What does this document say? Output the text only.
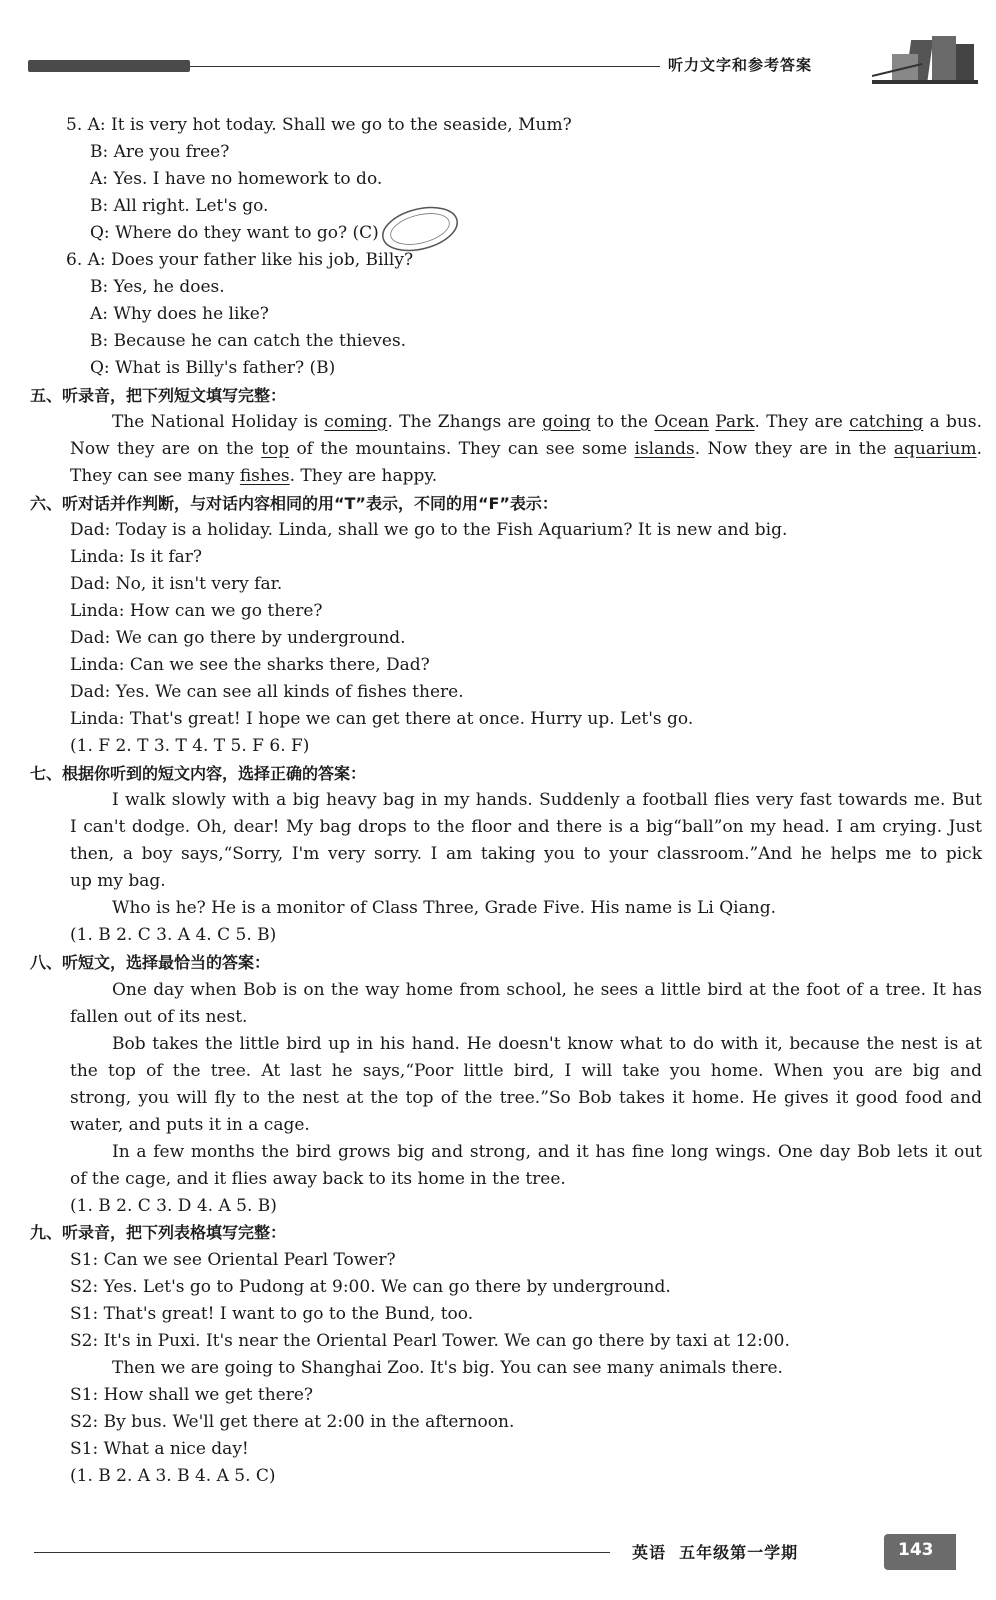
听力文字和参考答案
5. A: It is very hot today. Shall we go to the seaside, Mum?
B: Are you free?
A: Yes. I have no homework to do.
B: All right. Let's go.
Q: Where do they want to go? (C)
6. A: Does your father like his job, Billy?
B: Yes, he does.
A: Why does he like?
B: Because he can catch the thieves.
Q: What is Billy's father? (B)
五、听录音，把下列短文填写完整：
The National Holiday is coming. The Zhangs are going to the Ocean Park. They are catching a bus.
Now they are on the top of the mountains. They can see some islands. Now they are in the aquarium.
They can see many fishes. They are happy.
六、听对话并作判断，与对话内容相同的用“T”表示，不同的用“F”表示：
Dad: Today is a holiday. Linda, shall we go to the Fish Aquarium? It is new and big.
Linda: Is it far?
Dad: No, it isn't very far.
Linda: How can we go there?
Dad: We can go there by underground.
Linda: Can we see the sharks there, Dad?
Dad: Yes. We can see all kinds of fishes there.
Linda: That's great! I hope we can get there at once. Hurry up. Let's go.
(1. F 2. T 3. T 4. T 5. F 6. F)
七、根据你听到的短文内容，选择正确的答案：
I walk slowly with a big heavy bag in my hands. Suddenly a football flies very fast towards me. But
I can't dodge. Oh, dear! My bag drops to the floor and there is a big“ball”on my head. I am crying. Just
then, a boy says,“Sorry, I'm very sorry. I am taking you to your classroom.”And he helps me to pick
up my bag.
Who is he? He is a monitor of Class Three, Grade Five. His name is Li Qiang.
(1. B 2. C 3. A 4. C 5. B)
八、听短文，选择最恰当的答案：
One day when Bob is on the way home from school, he sees a little bird at the foot of a tree. It has
fallen out of its nest.
Bob takes the little bird up in his hand. He doesn't know what to do with it, because the nest is at
the top of the tree. At last he says,“Poor little bird, I will take you home. When you are big and
strong, you will fly to the nest at the top of the tree.”So Bob takes it home. He gives it good food and
water, and puts it in a cage.
In a few months the bird grows big and strong, and it has fine long wings. One day Bob lets it out
of the cage, and it flies away back to its home in the tree.
(1. B 2. C 3. D 4. A 5. B)
九、听录音，把下列表格填写完整：
S1: Can we see Oriental Pearl Tower?
S2: Yes. Let's go to Pudong at 9:00. We can go there by underground.
S1: That's great! I want to go to the Bund, too.
S2: It's in Puxi. It's near the Oriental Pearl Tower. We can go there by taxi at 12:00.
Then we are going to Shanghai Zoo. It's big. You can see many animals there.
S1: How shall we get there?
S2: By bus. We'll get there at 2:00 in the afternoon.
S1: What a nice day!
(1. B 2. A 3. B 4. A 5. C)
英语 五年级第一学期	143
